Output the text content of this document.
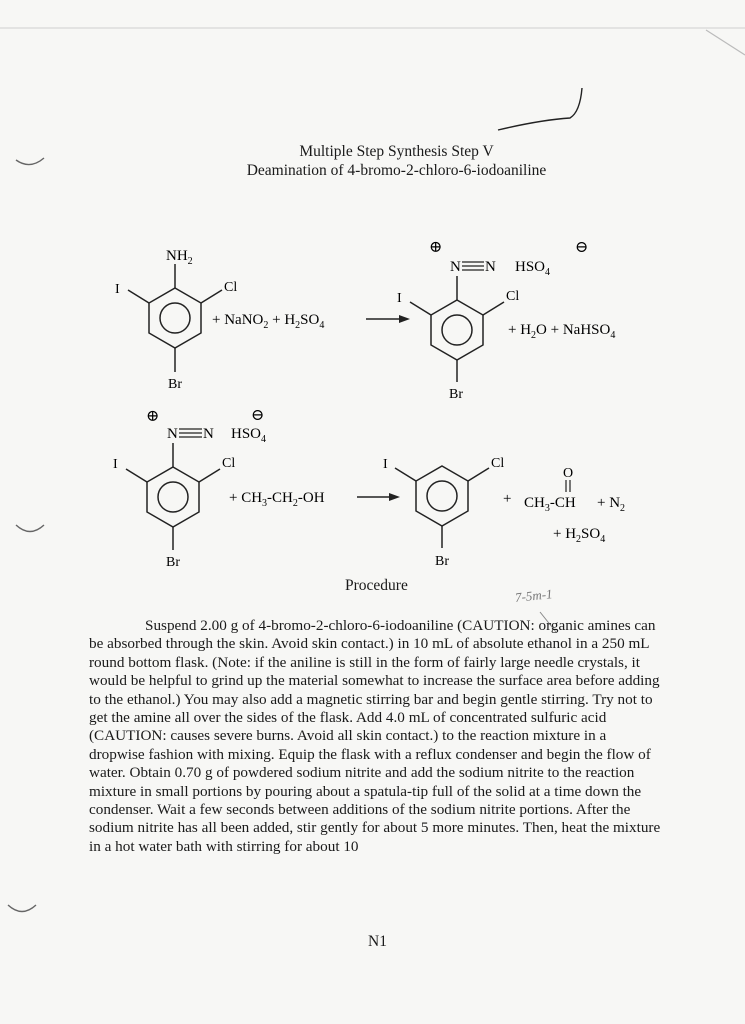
Multiple Step Synthesis Step V
Deamination of 4-bromo-2-chloro-6-iodoaniline
$NH_2$
I	Cl
Br
+ NaNO$_2$ + $H_2SO_4$
⊕	⊖
N N $HSO_4$
I	Cl
Br
+ $H_2O$ + NaHSO$_4$
⊕	⊖
N N $HSO_4$
I	Cl
Br
+ $CH_3-CH_2-OH$
I	Cl
Br
+
O
$CH_3-CH + N_2$
+ $H_2SO_4$
Procedure
7-5m-1
Suspend 2.00 g of 4-bromo-2-chloro-6-iodoaniline (CAUTION: organic amines can be absorbed through the skin. Avoid skin contact.) in 10 mL of absolute ethanol in a 250 mL round bottom flask. (Note: if the aniline is still in the form of fairly large needle crystals, it would be helpful to grind up the material somewhat to increase the surface area before adding to the ethanol.) You may also add a magnetic stirring bar and begin gentle stirring. Try not to get the amine all over the sides of the flask. Add 4.0 mL of concentrated sulfuric acid (CAUTION: causes severe burns. Avoid all skin contact.) to the reaction mixture in a dropwise fashion with mixing. Equip the flask with a reflux condenser and begin the flow of water. Obtain 0.70 g of powdered sodium nitrite and add the sodium nitrite to the reaction mixture in small portions by pouring about a spatula-tip full of the solid at a time down the condenser. Wait a few seconds between additions of the sodium nitrite portions. After the sodium nitrite has all been added, stir gently for about 5 more minutes. Then, heat the mixture in a hot water bath with stirring for about 10
N1
